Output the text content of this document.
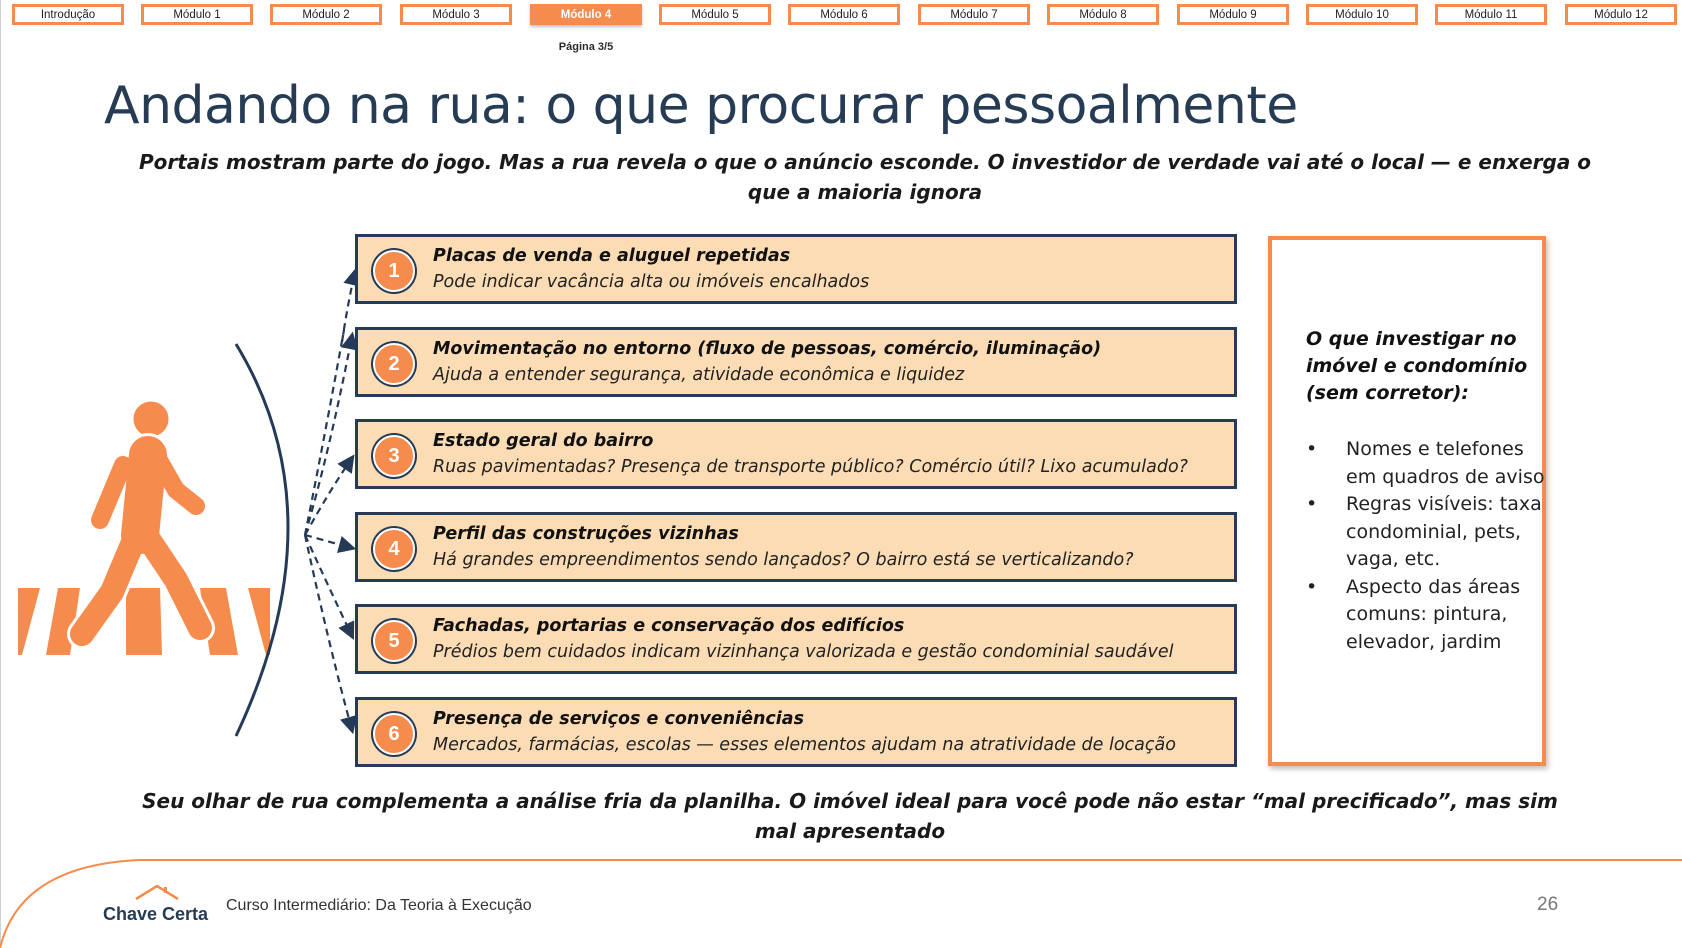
Introdução	Módulo 1	Módulo 2	Módulo 3	Módulo 4	Módulo 5	Módulo 6	Módulo 7	Módulo 8	Módulo 9	Módulo 10	Módulo 11	Módulo 12
Página 3/5
Andando na rua: o que procurar pessoalmente
Portais mostram parte do jogo. Mas a rua revela o que o anúncio esconde. O investidor de verdade vai até o local — e enxerga o que a maioria ignora
1
Placas de venda e aluguel repetidas
Pode indicar vacância alta ou imóveis encalhados
2
Movimentação no entorno (fluxo de pessoas, comércio, iluminação)
Ajuda a entender segurança, atividade econômica e liquidez
3
Estado geral do bairro
Ruas pavimentadas? Presença de transporte público? Comércio útil? Lixo acumulado?
4
Perfil das construções vizinhas
Há grandes empreendimentos sendo lançados? O bairro está se verticalizando?
5
Fachadas, portarias e conservação dos edifícios
Prédios bem cuidados indicam vizinhança valorizada e gestão condominial saudável
6
Presença de serviços e conveniências
Mercados, farmácias, escolas — esses elementos ajudam na atratividade de locação
O que investigar no imóvel e condomínio (sem corretor):
• Nomes e telefones em quadros de aviso
• Regras visíveis: taxa condominial, pets, vaga, etc.
• Aspecto das áreas comuns: pintura, elevador, jardim
Seu olhar de rua complementa a análise fria da planilha. O imóvel ideal para você pode não estar “mal precificado”, mas sim mal apresentado
Chave Certa Curso Intermediário: Da Teoria à Execução	26
